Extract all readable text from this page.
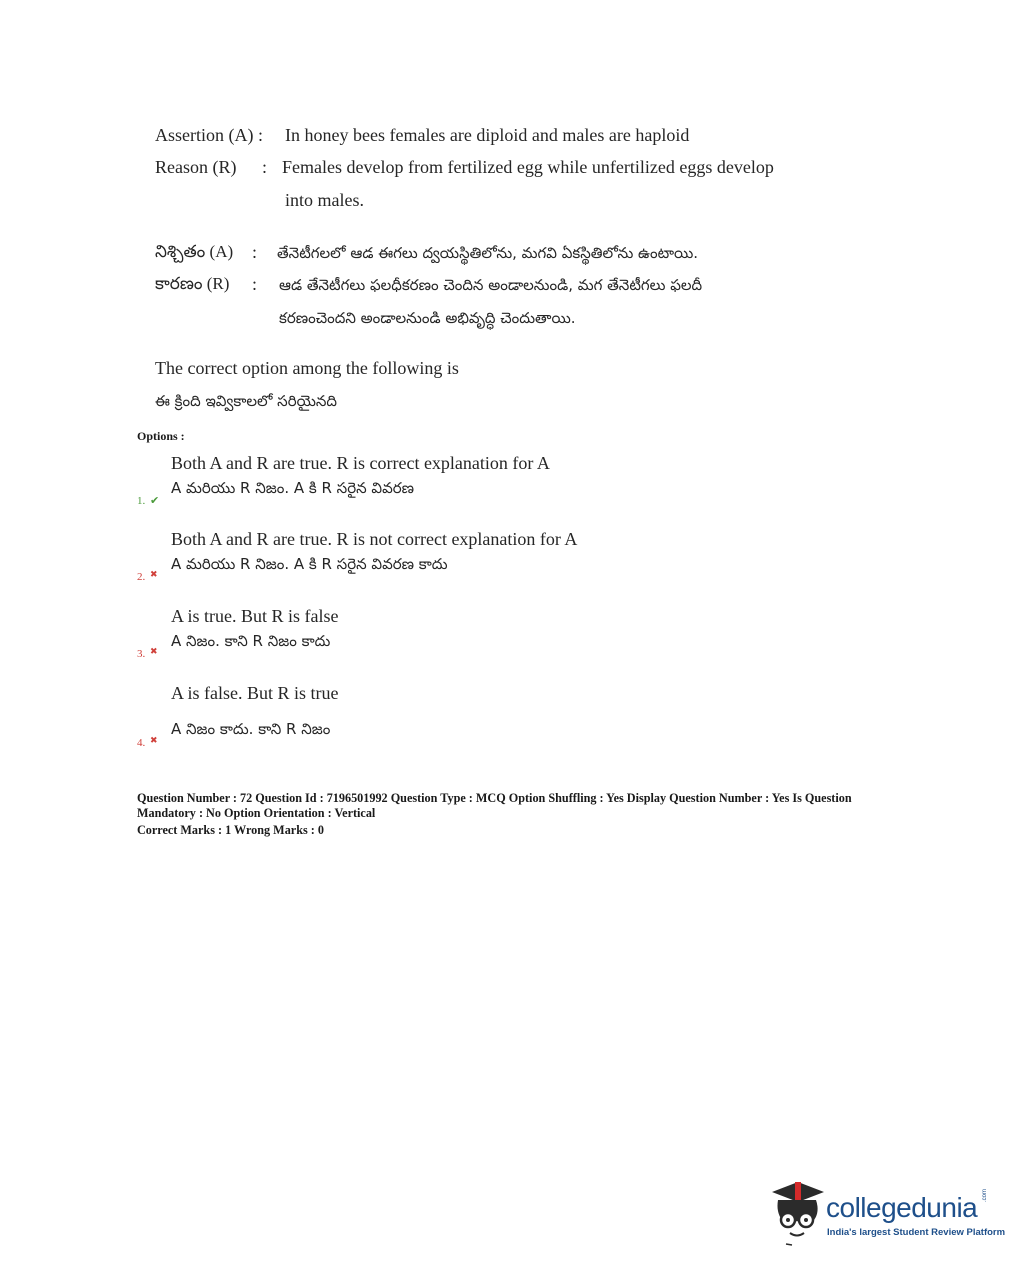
Assertion (A) : In honey bees females are diploid and males are haploid
Reason (R) : Females develop from fertilized egg while unfertilized eggs develop
into males.
నిశ్చితం (A) : తేనెటీగలలో ఆడ ఈగలు ద్వయస్థితిలోను, మగవి ఏకస్థితిలోను ఉంటాయి.
కారణం (R) : ఆడ తేనెటీగలు ఫలధీకరణం చెందిన అండాలనుండి, మగ తేనెటీగలు ఫలదీ
కరణంచెందని అండాలనుండి అభివృద్ధి చెందుతాయి.
The correct option among the following is
ఈ క్రింది ఇవ్వికాలలో సరియైనది
Options :
Both A and R are true. R is correct explanation for A
A మరియు R నిజం. A కి R సరైన వివరణ
1. ✔
Both A and R are true. R is not correct explanation for A
A మరియు R నిజం. A కి R సరైన వివరణ కాదు
2. ✖
A is true. But R is false
A నిజం. కాని R నిజం కాదు
3. ✖
A is false. But R is true
A నిజం కాదు. కాని R నిజం
4. ✖
Question Number : 72 Question Id : 7196501992 Question Type : MCQ Option Shuffling : Yes Display Question Number : Yes Is Question
Mandatory : No Option Orientation : Vertical
Correct Marks : 1 Wrong Marks : 0
collegedunia .com
India's largest Student Review Platform
